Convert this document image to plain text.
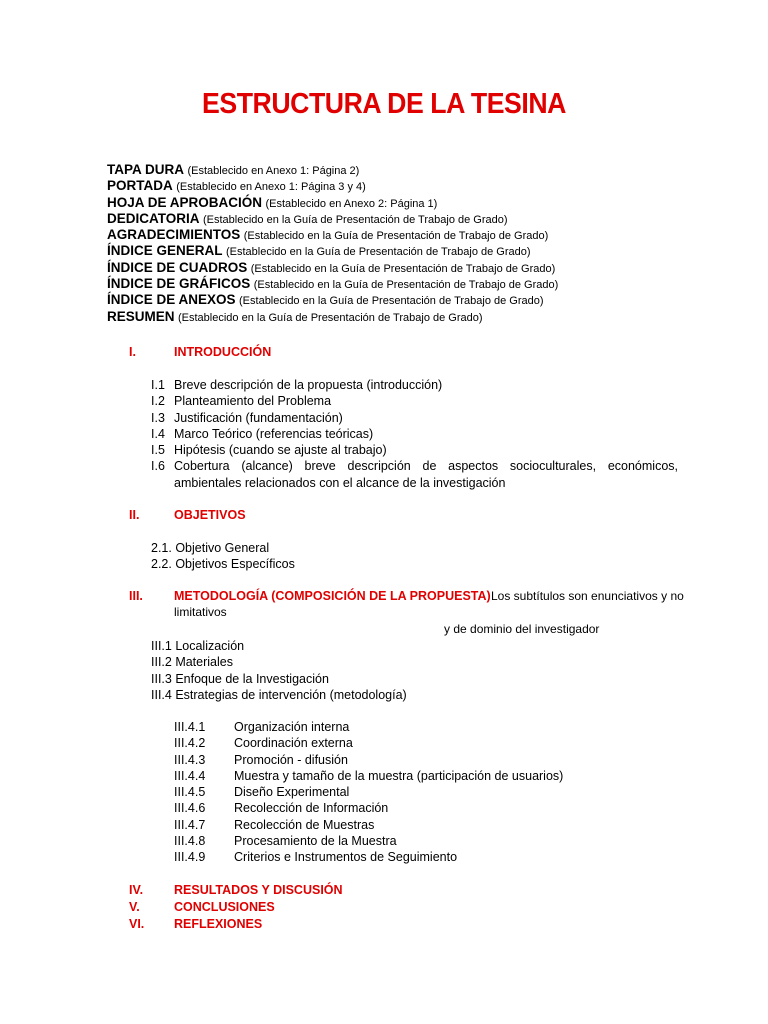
ESTRUCTURA DE LA TESINA
TAPA DURA (Establecido en Anexo 1: Página 2)
PORTADA (Establecido en Anexo 1: Página 3 y 4)
HOJA DE APROBACIÓN (Establecido en Anexo 2: Página 1)
DEDICATORIA (Establecido en la Guía de Presentación de Trabajo de Grado)
AGRADECIMIENTOS (Establecido en la Guía de Presentación de Trabajo de Grado)
ÍNDICE GENERAL (Establecido en la Guía de Presentación de Trabajo de Grado)
ÍNDICE DE CUADROS (Establecido en la Guía de Presentación de Trabajo de Grado)
ÍNDICE DE GRÁFICOS (Establecido en la Guía de Presentación de Trabajo de Grado)
ÍNDICE DE ANEXOS (Establecido en la Guía de Presentación de Trabajo de Grado)
RESUMEN (Establecido en la Guía de Presentación de Trabajo de Grado)
I.	INTRODUCCIÓN
I.1 Breve descripción de la propuesta (introducción)
I.2 Planteamiento del Problema
I.3 Justificación (fundamentación)
I.4 Marco Teórico (referencias teóricas)
I.5 Hipótesis (cuando se ajuste al trabajo)
I.6 Cobertura (alcance) breve descripción de aspectos socioculturales, económicos, ambientales relacionados con el alcance de la investigación
II.	OBJETIVOS
2.1. Objetivo General
2.2. Objetivos Específicos
III. METODOLOGÍA (COMPOSICIÓN DE LA PROPUESTA) Los subtítulos son enunciativos y no
limitativos
y de dominio del investigador
III.1 Localización
III.2 Materiales
III.3 Enfoque de la Investigación
III.4 Estrategias de intervención (metodología)
III.4.1 Organización interna
III.4.2 Coordinación externa
III.4.3 Promoción - difusión
III.4.4 Muestra y tamaño de la muestra (participación de usuarios)
III.4.5 Diseño Experimental
III.4.6 Recolección de Información
III.4.7 Recolección de Muestras
III.4.8 Procesamiento de la Muestra
III.4.9 Criterios e Instrumentos de Seguimiento
IV. RESULTADOS Y DISCUSIÓN
V.	CONCLUSIONES
VI. REFLEXIONES
